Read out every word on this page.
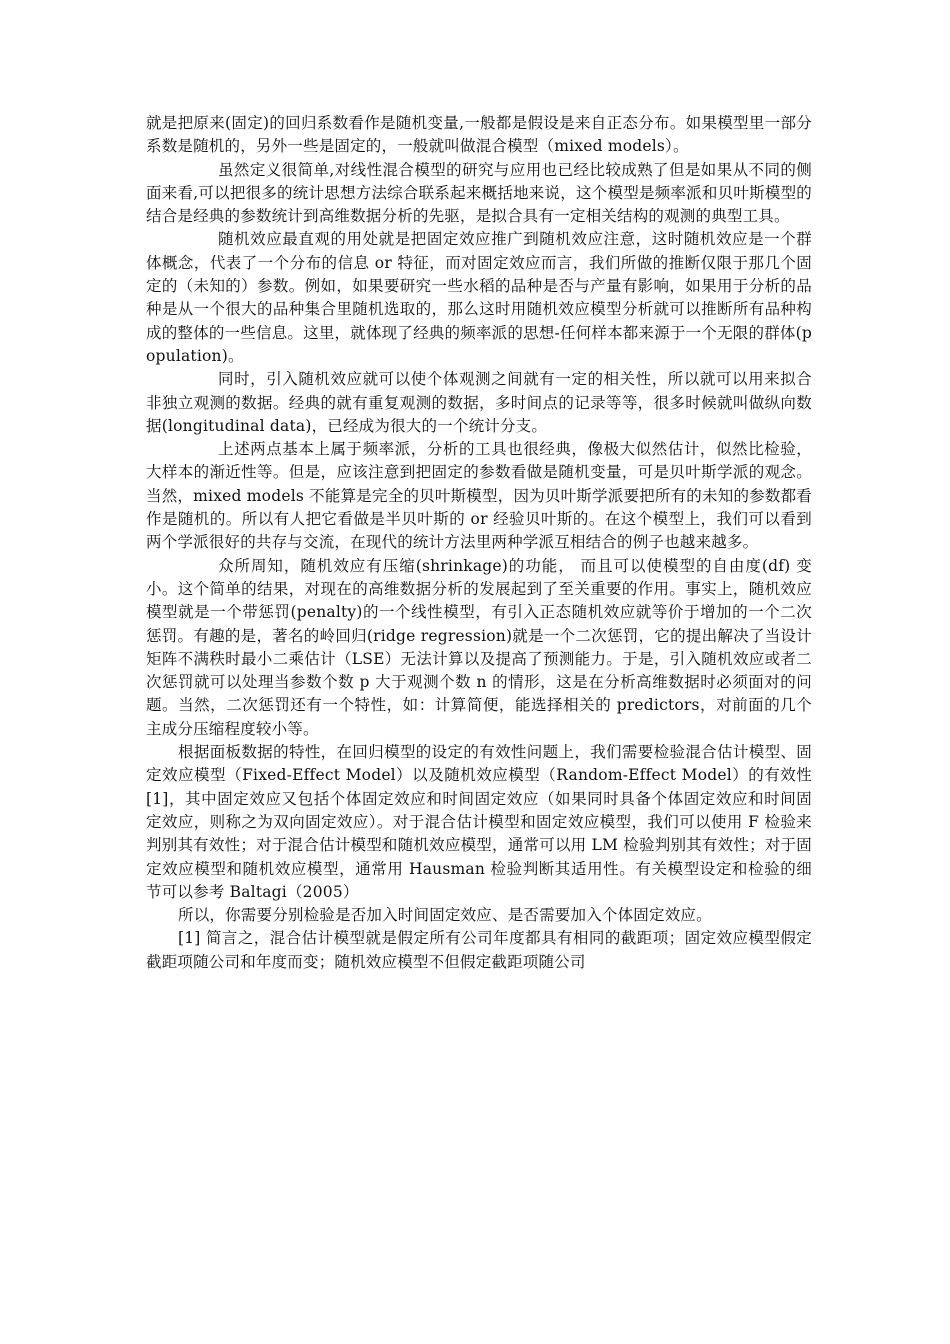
就是把原来(固定)的回归系数看作是随机变量,一般都是假设是来自正态分布。如果模型里一部分系数是随机的，另外一些是固定的，一般就叫做混合模型（mixed models）。

虽然定义很简单,对线性混合模型的研究与应用也已经比较成熟了但是如果从不同的侧面来看,可以把很多的统计思想方法综合联系起来概括地来说，这个模型是频率派和贝叶斯模型的结合是经典的参数统计到高维数据分析的先驱，是拟合具有一定相关结构的观测的典型工具。

随机效应最直观的用处就是把固定效应推广到随机效应注意，这时随机效应是一个群体概念，代表了一个分布的信息 or 特征，而对固定效应而言，我们所做的推断仅限于那几个固定的（未知的）参数。例如，如果要研究一些水稻的品种是否与产量有影响，如果用于分析的品种是从一个很大的品种集合里随机选取的，那么这时用随机效应模型分析就可以推断所有品种构成的整体的一些信息。这里，就体现了经典的频率派的思想-任何样本都来源于一个无限的群体(population)。

同时，引入随机效应就可以使个体观测之间就有一定的相关性，所以就可以用来拟合非独立观测的数据。经典的就有重复观测的数据，多时间点的记录等等，很多时候就叫做纵向数据(longitudinal data)，已经成为很大的一个统计分支。

上述两点基本上属于频率派，分析的工具也很经典，像极大似然估计，似然比检验，大样本的渐近性等。但是，应该注意到把固定的参数看做是随机变量，可是贝叶斯学派的观念。当然，mixed models 不能算是完全的贝叶斯模型，因为贝叶斯学派要把所有的未知的参数都看作是随机的。所以有人把它看做是半贝叶斯的 or 经验贝叶斯的。在这个模型上，我们可以看到两个学派很好的共存与交流，在现代的统计方法里两种学派互相结合的例子也越来越多。

众所周知，随机效应有压缩(shrinkage)的功能， 而且可以使模型的自由度(df) 变小。这个简单的结果，对现在的高维数据分析的发展起到了至关重要的作用。事实上，随机效应模型就是一个带惩罚(penalty)的一个线性模型，有引入正态随机效应就等价于增加的一个二次惩罚。有趣的是，著名的岭回归(ridge regression)就是一个二次惩罚，它的提出解决了当设计矩阵不满秩时最小二乘估计（LSE）无法计算以及提高了预测能力。于是，引入随机效应或者二次惩罚就可以处理当参数个数 p 大于观测个数 n 的情形，这是在分析高维数据时必须面对的问题。当然，二次惩罚还有一个特性，如：计算简便，能选择相关的 predictors，对前面的几个主成分压缩程度较小等。

根据面板数据的特性，在回归模型的设定的有效性问题上，我们需要检验混合估计模型、固定效应模型（Fixed-Effect Model）以及随机效应模型（Random-Effect Model）的有效性[1]，其中固定效应又包括个体固定效应和时间固定效应（如果同时具备个体固定效应和时间固定效应，则称之为双向固定效应）。对于混合估计模型和固定效应模型，我们可以使用 F 检验来判别其有效性；对于混合估计模型和随机效应模型，通常可以用 LM 检验判别其有效性；对于固定效应模型和随机效应模型，通常用 Hausman 检验判断其适用性。有关模型设定和检验的细节可以参考 Baltagi（2005）

所以，你需要分别检验是否加入时间固定效应、是否需要加入个体固定效应。

[1] 简言之，混合估计模型就是假定所有公司年度都具有相同的截距项；固定效应模型假定截距项随公司和年度而变；随机效应模型不但假定截距项随公司
